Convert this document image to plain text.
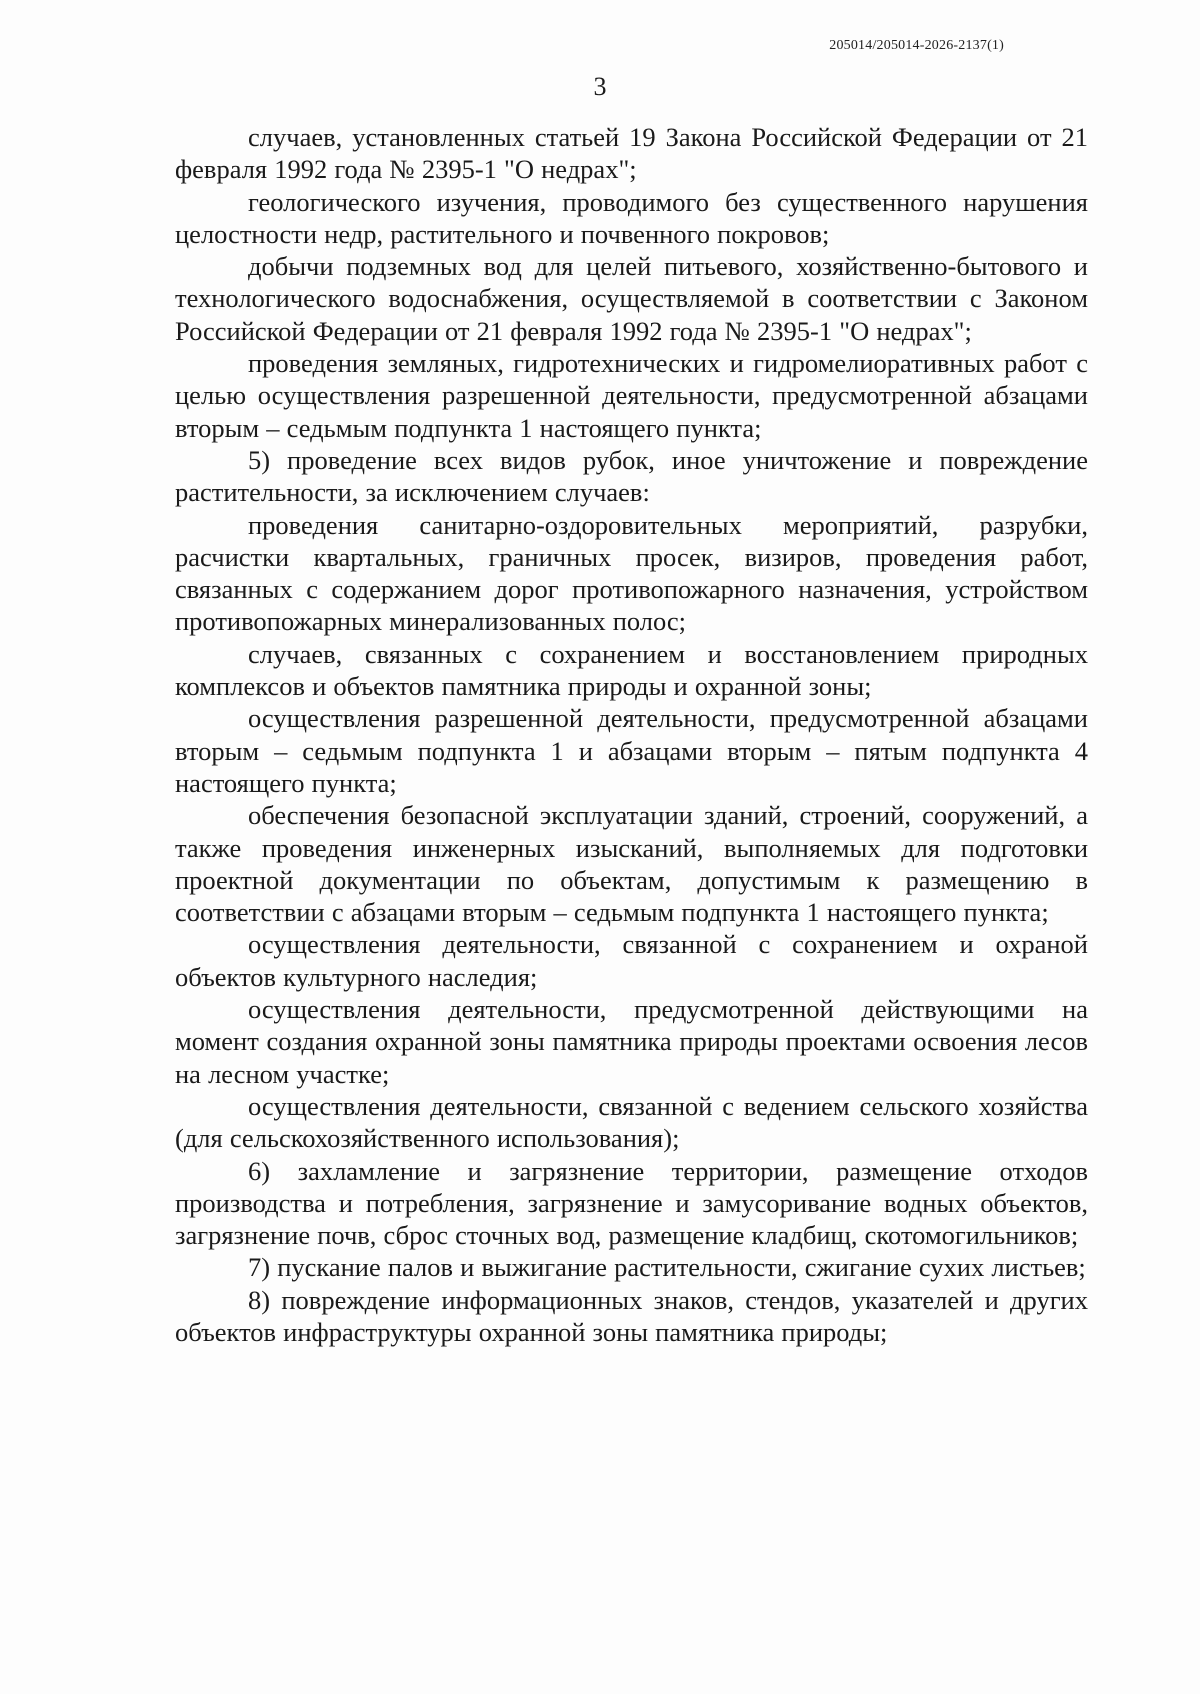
205014/205014-2026-2137(1)
3

случаев, установленных статьей 19 Закона Российской Федерации от 21 февраля 1992 года № 2395-1 "О недрах";

геологического изучения, проводимого без существенного нарушения целостности недр, растительного и почвенного покровов;

добычи подземных вод для целей питьевого, хозяйственно-бытового и технологического водоснабжения, осуществляемой в соответствии с Законом Российской Федерации от 21 февраля 1992 года № 2395-1 "О недрах";

проведения земляных, гидротехнических и гидромелиоративных работ с целью осуществления разрешенной деятельности, предусмотренной абзацами вторым – седьмым подпункта 1 настоящего пункта;

5) проведение всех видов рубок, иное уничтожение и повреждение растительности, за исключением случаев:

проведения санитарно-оздоровительных мероприятий, разрубки, расчистки квартальных, граничных просек, визиров, проведения работ, связанных с содержанием дорог противопожарного назначения, устройством противопожарных минерализованных полос;

случаев, связанных с сохранением и восстановлением природных комплексов и объектов памятника природы и охранной зоны;

осуществления разрешенной деятельности, предусмотренной абзацами вторым – седьмым подпункта 1 и абзацами вторым – пятым подпункта 4 настоящего пункта;

обеспечения безопасной эксплуатации зданий, строений, сооружений, а также проведения инженерных изысканий, выполняемых для подготовки проектной документации по объектам, допустимым к размещению в соответствии с абзацами вторым – седьмым подпункта 1 настоящего пункта;

осуществления деятельности, связанной с сохранением и охраной объектов культурного наследия;

осуществления деятельности, предусмотренной действующими на момент создания охранной зоны памятника природы проектами освоения лесов на лесном участке;

осуществления деятельности, связанной с ведением сельского хозяйства (для сельскохозяйственного использования);

6) захламление и загрязнение территории, размещение отходов производства и потребления, загрязнение и замусоривание водных объектов, загрязнение почв, сброс сточных вод, размещение кладбищ, скотомогильников;

7) пускание палов и выжигание растительности, сжигание сухих листьев;

8) повреждение информационных знаков, стендов, указателей и других объектов инфраструктуры охранной зоны памятника природы;
